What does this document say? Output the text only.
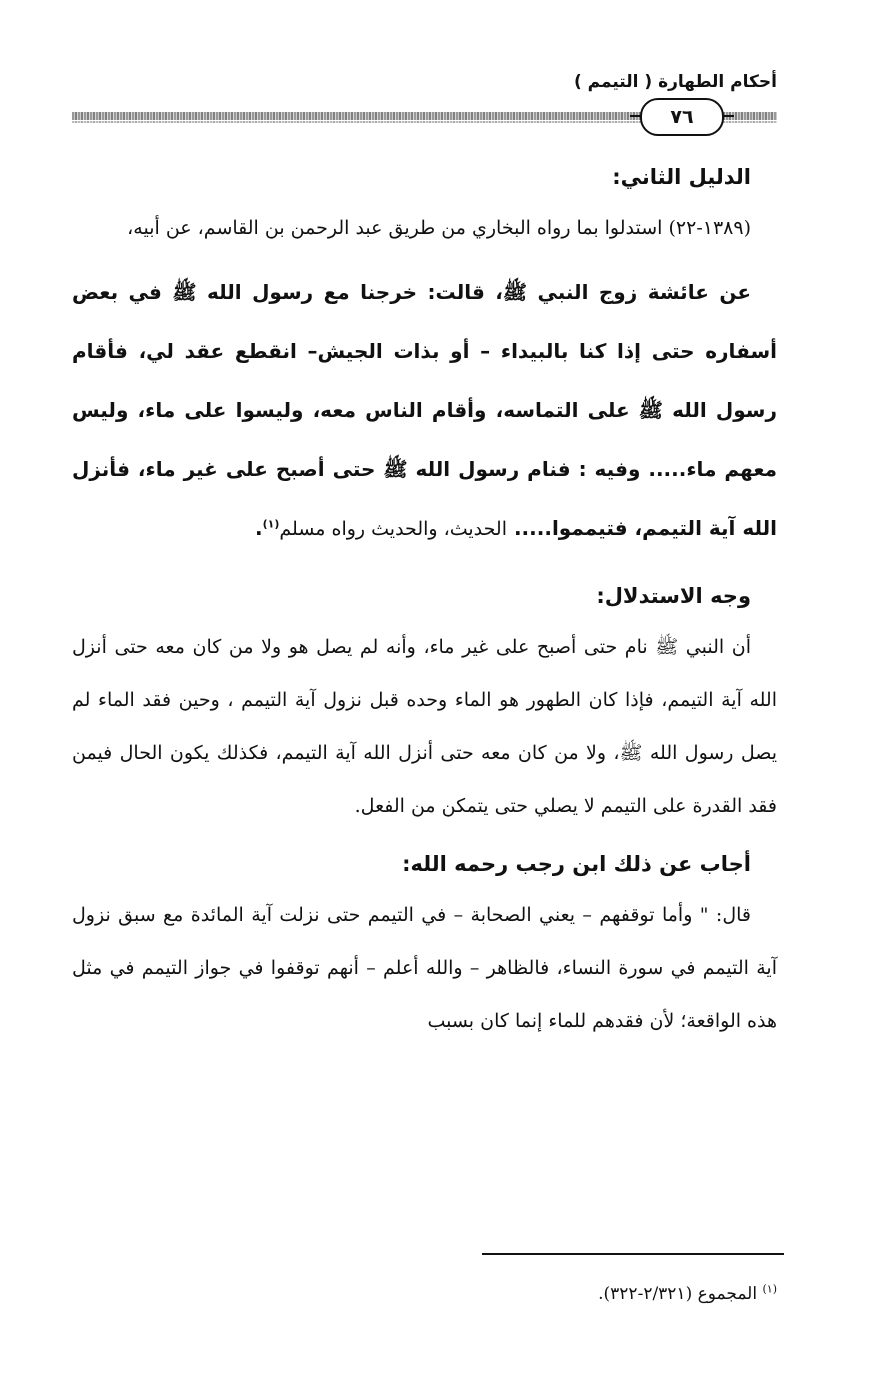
أحكام الطهارة ( التيمم )
٧٦
الدليل الثاني:

(١٣٨٩-٢٢) استدلوا بما رواه البخاري من طريق عبد الرحمن بن القاسم، عن أبيه،

عن عائشة زوج النبي ﷺ، قالت: خرجنا مع رسول الله ﷺ في بعض أسفاره حتى إذا كنا بالبيداء – أو بذات الجيش– انقطع عقد لي، فأقام رسول الله ﷺ على التماسه، وأقام الناس معه، وليسوا على ماء، وليس معهم ماء..... وفيه : فنام رسول الله ﷺ حتى أصبح على غير ماء، فأنزل الله آية التيمم، فتيمموا..... الحديث، والحديث رواه مسلم$^{(١)}$.

وجه الاستدلال:

أن النبي ﷺ نام حتى أصبح على غير ماء، وأنه لم يصل هو ولا من كان معه حتى أنزل الله آية التيمم، فإذا كان الطهور هو الماء وحده قبل نزول آية التيمم ، وحين فقد الماء لم يصل رسول الله ﷺ، ولا من كان معه حتى أنزل الله آية التيمم، فكذلك يكون الحال فيمن فقد القدرة على التيمم لا يصلي حتى يتمكن من الفعل.

أجاب عن ذلك ابن رجب رحمه الله:

قال: " وأما توقفهم – يعني الصحابة – في التيمم حتى نزلت آية المائدة مع سبق نزول آية التيمم في سورة النساء، فالظاهر – والله أعلم – أنهم توقفوا في جواز التيمم في مثل هذه الواقعة؛ لأن فقدهم للماء إنما كان بسبب

$^{(١)}$ المجموع (٢/٣٢١-٣٢٢).
